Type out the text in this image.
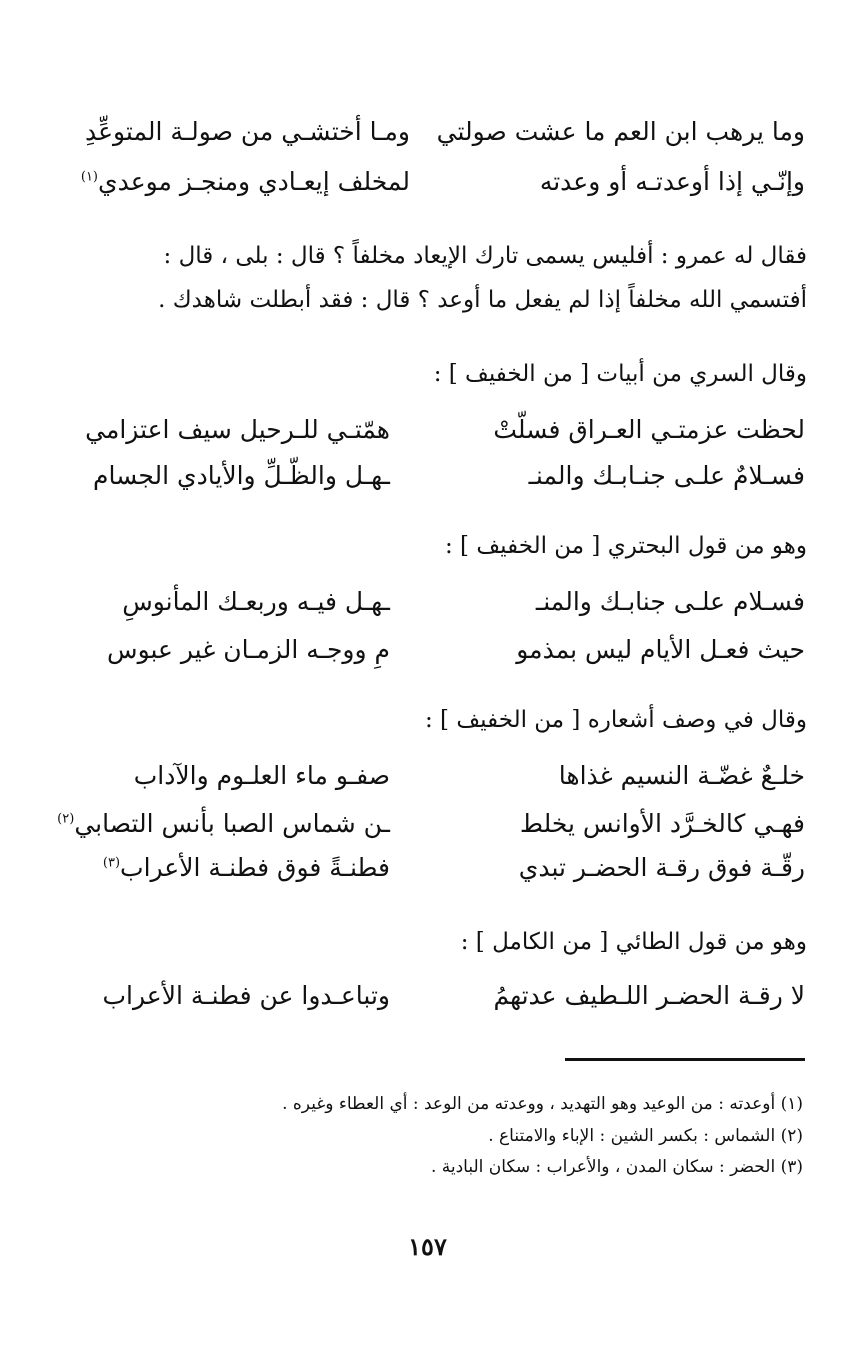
وما يرهب ابن العم ما عشت صولتي
ومـا أختشـي من صولـة المتوعِّدِ
وإنّـي إذا أوعدتـه أو وعدته
لمخلف إيعـادي ومنجـز موعدي$^{(١)}$
فقال له عمرو : أفليس يسمى تارك الإيعاد مخلفاً ؟ قال : بلى ، قال :
أفتسمي الله مخلفاً إذا لم يفعل ما أوعد ؟ قال : فقد أبطلت شاهدك .
وقال السري من أبيات [ من الخفيف ] :
لحظت عزمتـي العـراق فسلّتْ
همّتـي للـرحيل سيف اعتزامي
فسـلامٌ علـى جنـابـك والمنـ
ـهـل والظّـلِّ والأيادي الجسام
وهو من قول البحتري [ من الخفيف ] :
فسـلام علـى جنابـك والمنـ
ـهـل فيـه وربعـك المأنوسِ
حيث فعـل الأيام ليس بمذمو
مِ ووجـه الزمـان غير عبوس
وقال في وصف أشعاره [ من الخفيف ] :
خلـعٌ غضّـة النسيم غذاها
صفـو ماء العلـوم والآداب
فهـي كالخـرَّد الأوانس يخلط
ـن شماس الصبا بأنس التصابي$^{(٢)}$
رقّـة فوق رقـة الحضـر تبدي
فطنـةً فوق فطنـة الأعراب$^{(٣)}$
وهو من قول الطائي [ من الكامل ] :
لا رقـة الحضـر اللـطيف عدتهمُ
وتباعـدوا عن فطنـة الأعراب
(١) أوعدته : من الوعيد وهو التهديد ، ووعدته من الوعد : أي العطاء وغيره .
(٢) الشماس : بكسر الشين : الإباء والامتناع .
(٣) الحضر : سكان المدن ، والأعراب : سكان البادية .
١٥٧
